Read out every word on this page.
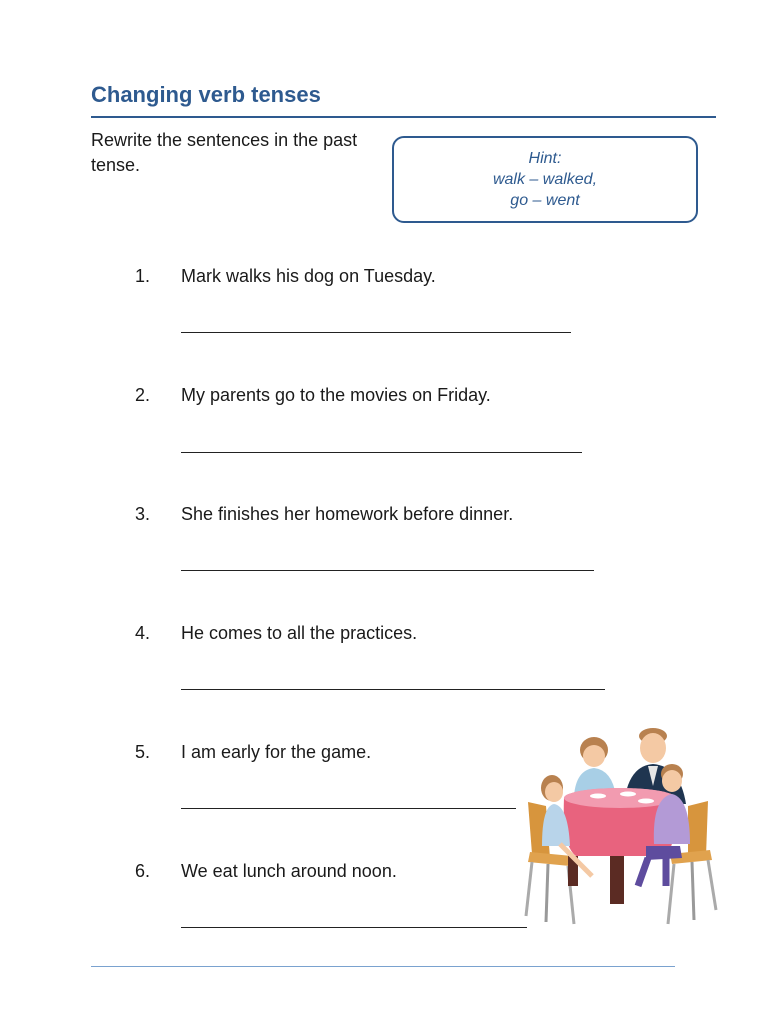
Changing verb tenses
Rewrite the sentences in the past tense.	Hint:
walk – walked,
go – went
1. Mark walks his dog on Tuesday.
2. My parents go to the movies on Friday.
3. She finishes her homework before dinner.
4. He comes to all the practices.
5. I am early for the game.
6. We eat lunch around noon.
